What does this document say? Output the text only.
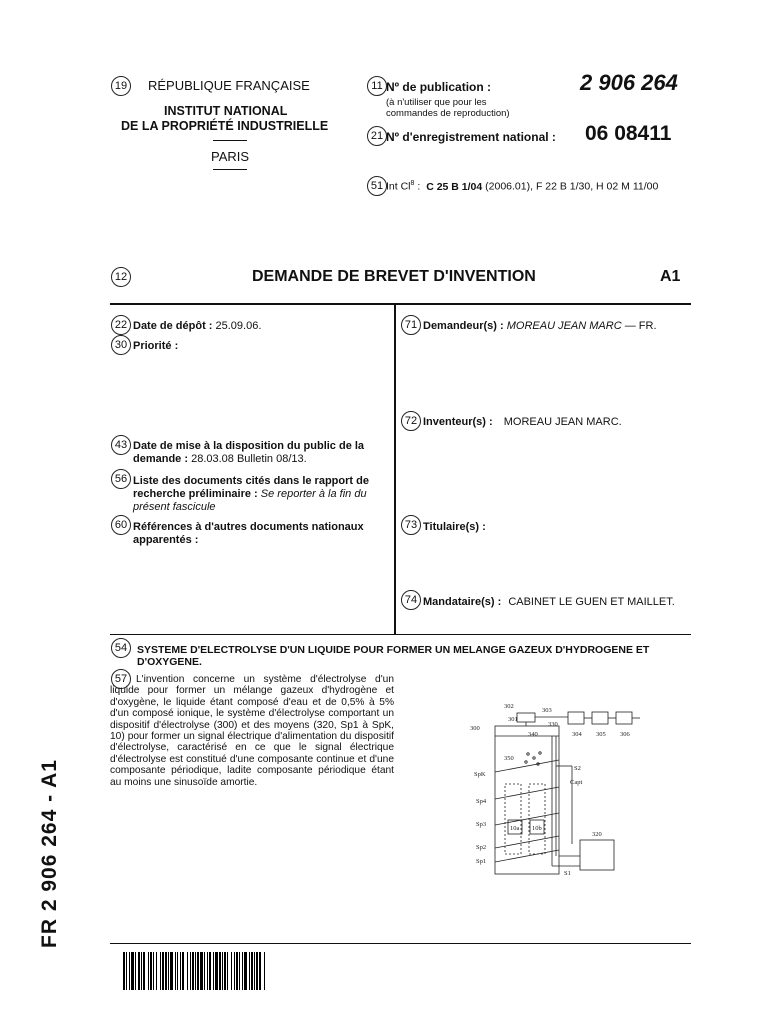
19 RÉPUBLIQUE FRANÇAISE
INSTITUT NATIONAL
DE LA PROPRIÉTÉ INDUSTRIELLE
PARIS
11 Nº de publication :	2 906 264
(à n'utiliser que pour les
commandes de reproduction)
21 Nº d'enregistrement national : 06 08411
51 Int Cl$^8$ : C 25 B 1/04 (2006.01), F 22 B 1/30, H 02 M 11/00
12	DEMANDE DE BREVET D'INVENTION	A1
22 Date de dépôt : 25.09.06.
30 Priorité :
43 Date de mise à la disposition du public de la
demande : 28.03.08 Bulletin 08/13.
56 Liste des documents cités dans le rapport de
recherche préliminaire : Se reporter à la fin du
présent fascicule
60 Références à d'autres documents nationaux
apparentés :
71 Demandeur(s) : MOREAU JEAN MARC — FR.
72 Inventeur(s) : MOREAU JEAN MARC.
73 Titulaire(s) :
74 Mandataire(s) : CABINET LE GUEN ET MAILLET.
54 SYSTEME D'ELECTROLYSE D'UN LIQUIDE POUR FORMER UN MELANGE GAZEUX D'HYDROGENE ET
D'OXYGENE.
57 L'invention concerne un système d'électrolyse d'un liquide pour former un mélange gazeux d'hydrogène et d'oxygène, le liquide étant composé d'eau et de 0,5% à 5% d'un composé ionique, le système d'électrolyse comportant un dispositif d'électrolyse (300) et des moyens (320, Sp1 à SpK, 10) pour former un signal électrique d'alimentation du dispositif d'électrolyse, caractérisé en ce que le signal électrique d'électrolyse est constitué d'une composante continue et d'une composante périodique, ladite composante périodique étant au moins une sinusoïde amortie.
302
303
301
304 305 306
300
340
330
350
SpK
S2
Capt
Sp4
Sp3
10a 10b
320
Sp2
Sp1
S1
FR 2 906 264 - A1
